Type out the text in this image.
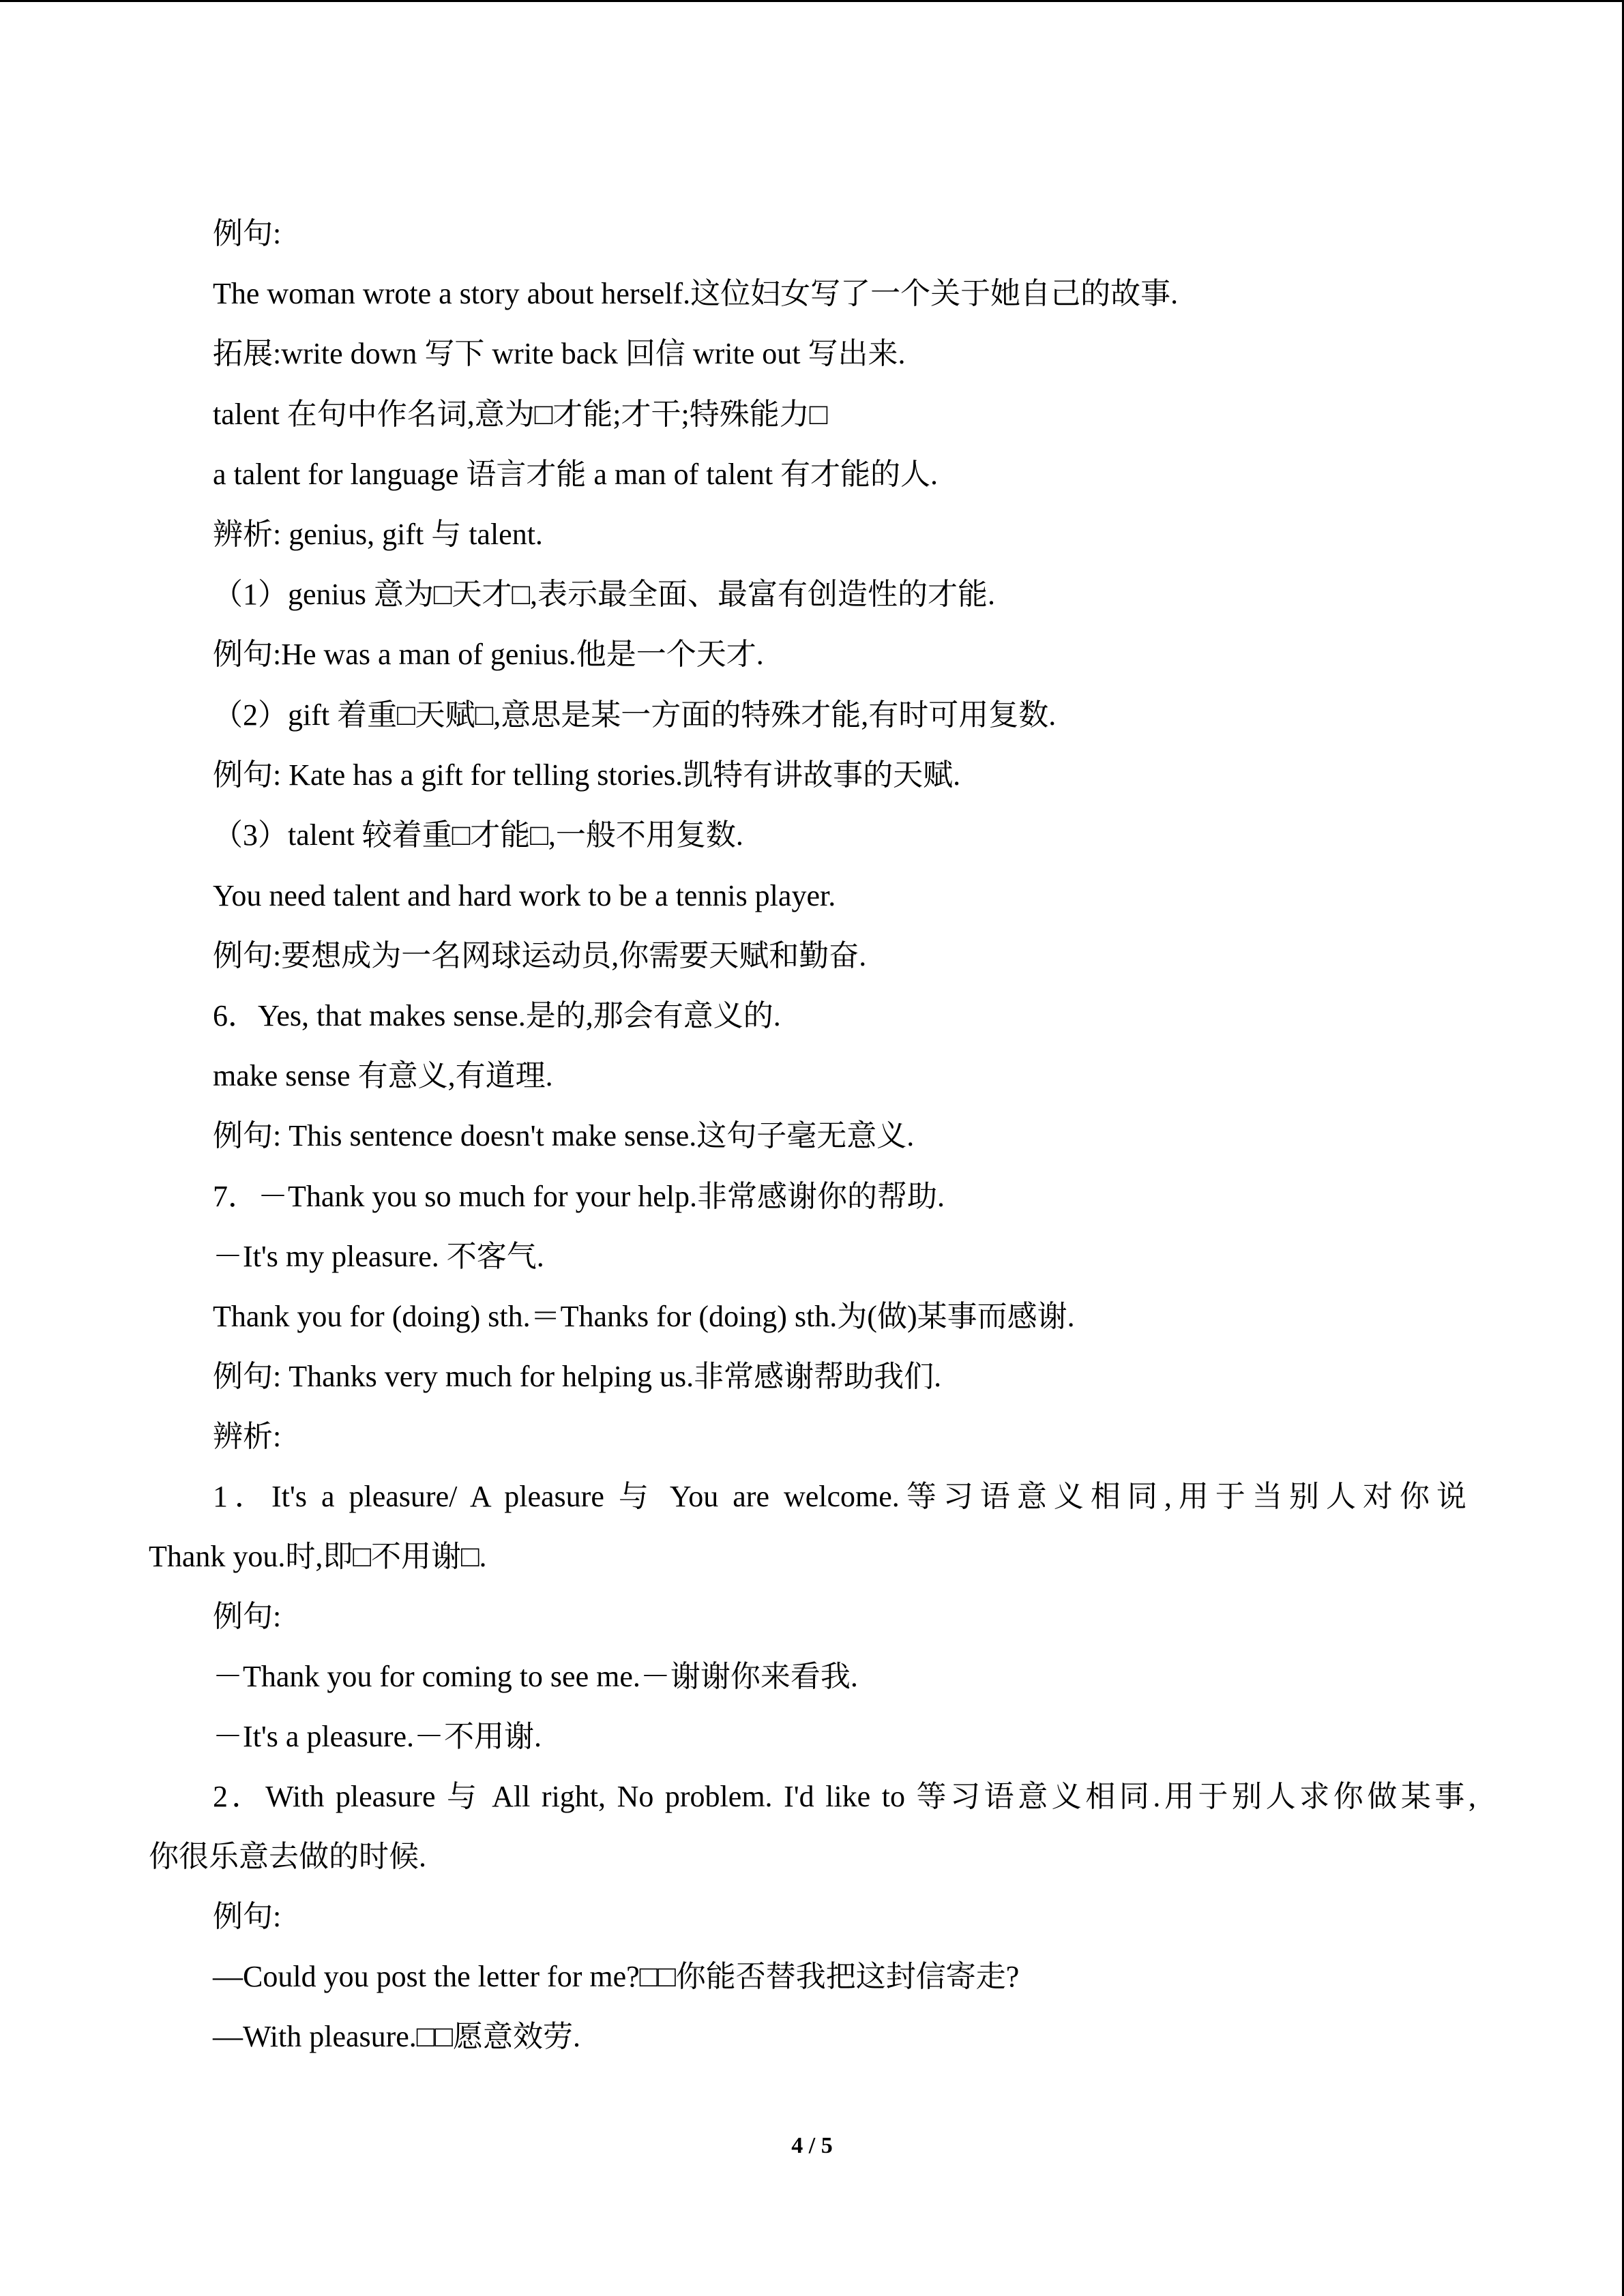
例句:
The woman wrote a story about herself.这位妇女写了一个关于她自己的故事.
拓展:write down 写下 write back 回信 write out 写出来.
talent 在句中作名词,意为□才能;才干;特殊能力□
a talent for language 语言才能 a man of talent 有才能的人.
辨析: genius, gift 与 talent.
（1）genius 意为□天才□,表示最全面、最富有创造性的才能.
例句:He was a man of genius.他是一个天才.
（2）gift 着重□天赋□,意思是某一方面的特殊才能,有时可用复数.
例句: Kate has a gift for telling stories.凯特有讲故事的天赋.
（3）talent 较着重□才能□,一般不用复数.
You need talent and hard work to be a tennis player.
例句:要想成为一名网球运动员,你需要天赋和勤奋.
6．Yes, that makes sense.是的,那会有意义的.
make sense 有意义,有道理.
例句: This sentence doesn't make sense.这句子毫无意义.
7．－Thank you so much for your help.非常感谢你的帮助.
－It's my pleasure. 不客气.
Thank you for (doing) sth.＝Thanks for (doing) sth.为(做)某事而感谢.
例句: Thanks very much for helping us.非常感谢帮助我们.
辨析:
1．It's a pleasure/ A pleasure 与 You are welcome.等习语意义相同,用于当别人对你说
Thank you.时,即□不用谢□.
例句:
－Thank you for coming to see me.－谢谢你来看我.
－It's a pleasure.－不用谢.
2．With pleasure 与 All right, No problem. I'd like to 等习语意义相同.用于别人求你做某事,
你很乐意去做的时候.
例句:
—Could you post the letter for me?□□你能否替我把这封信寄走?
—With pleasure.□□愿意效劳.
4 / 5
